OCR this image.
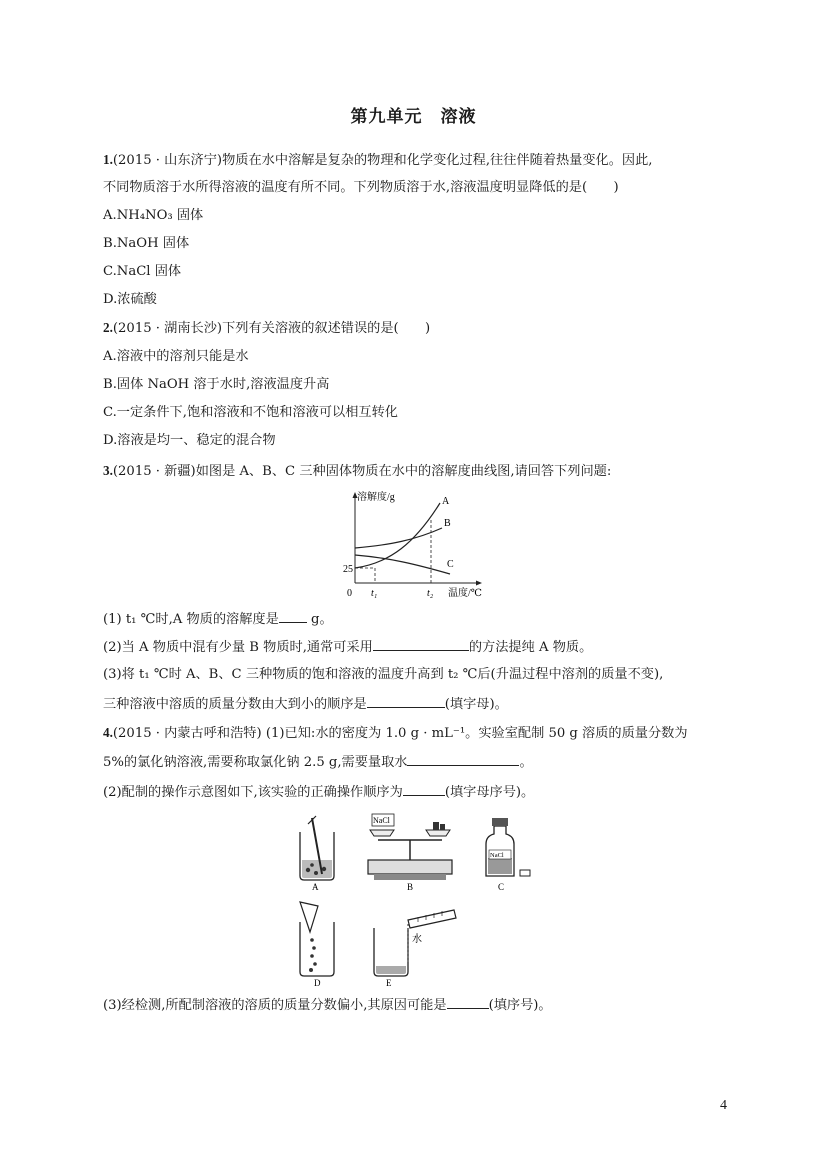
第九单元　溶液
1.(2015 · 山东济宁)物质在水中溶解是复杂的物理和化学变化过程,往往伴随着热量变化。因此,
不同物质溶于水所得溶液的温度有所不同。下列物质溶于水,溶液温度明显降低的是(　　)
A.NH₄NO₃ 固体
B.NaOH 固体
C.NaCl 固体
D.浓硫酸
2.(2015 · 湖南长沙)下列有关溶液的叙述错误的是(　　)
A.溶液中的溶剂只能是水
B.固体 NaOH 溶于水时,溶液温度升高
C.一定条件下,饱和溶液和不饱和溶液可以相互转化
D.溶液是均一、稳定的混合物
3.(2015 · 新疆)如图是 A、B、C 三种固体物质在水中的溶解度曲线图,请回答下列问题:
溶解度/g	A
B
C
25
0 t₁	t₂ 温度/℃
(1) t₁ ℃时,A 物质的溶解度是 g。
(2)当 A 物质中混有少量 B 物质时,通常可采用	的方法提纯 A 物质。
(3)将 t₁ ℃时 A、B、C 三种物质的饱和溶液的温度升高到 t₂ ℃后(升温过程中溶剂的质量不变),
三种溶液中溶质的质量分数由大到小的顺序是	(填字母)。
4.(2015 · 内蒙古呼和浩特) (1)已知:水的密度为 1.0 g · mL⁻¹。实验室配制 50 g 溶质的质量分数为
5%的氯化钠溶液,需要称取氯化钠 2.5 g,需要量取水	。
(2)配制的操作示意图如下,该实验的正确操作顺序为	(填字母序号)。
A
NaCl
B
NaCl
C
D
水
E
(3)经检测,所配制溶液的溶质的质量分数偏小,其原因可能是	(填序号)。
4
